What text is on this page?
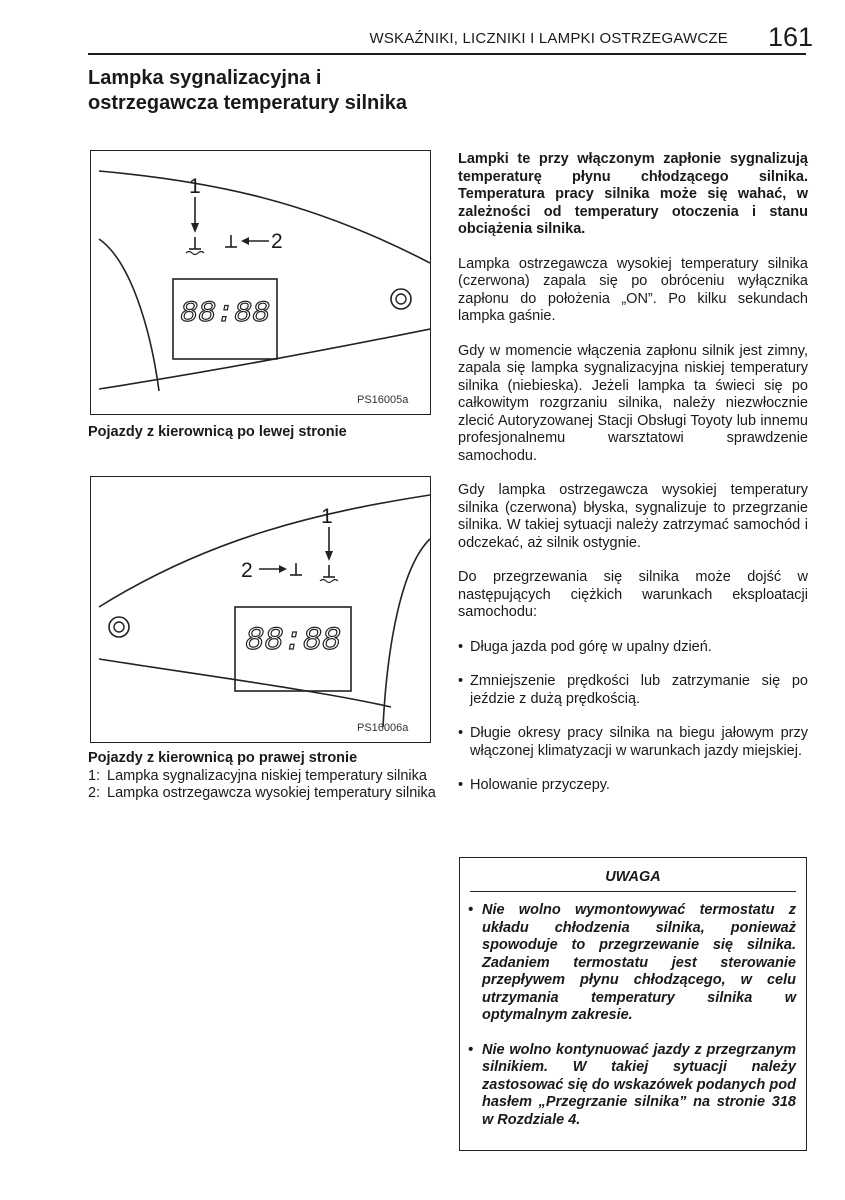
WSKAŹNIKI, LICZNIKI I LAMPKI OSTRZEGAWCZE 161
Lampka sygnalizacyjna i ostrzegawcza temperatury silnika
88:88
1
2
PS16005a
Pojazdy z kierownicą po lewej stronie
88:88
1
2
PS16006a
Pojazdy z kierownicą po prawej stronie
1: Lampka sygnalizacyjna niskiej temperatury silnika
2: Lampka ostrzegawcza wysokiej temperatury silnika

Lampki te przy włączonym zapłonie sygnalizują temperaturę płynu chłodzącego silnika. Temperatura pracy silnika może się wahać, w zależności od temperatury otoczenia i stanu obciążenia silnika.

Lampka ostrzegawcza wysokiej temperatury silnika (czerwona) zapala się po obróceniu wyłącznika zapłonu do położenia „ON”. Po kilku sekundach lampka gaśnie.

Gdy w momencie włączenia zapłonu silnik jest zimny, zapala się lampka sygnalizacyjna niskiej temperatury silnika (niebieska). Jeżeli lampka ta świeci się po całkowitym rozgrzaniu silnika, należy niezwłocznie zlecić Autoryzowanej Stacji Obsługi Toyoty lub innemu profesjonalnemu warsztatowi sprawdzenie samochodu.

Gdy lampka ostrzegawcza wysokiej temperatury silnika (czerwona) błyska, sygnalizuje to przegrzanie silnika. W takiej sytuacji należy zatrzymać samochód i odczekać, aż silnik ostygnie.

Do przegrzewania się silnika może dojść w następujących ciężkich warunkach eksploatacji samochodu:

• Długa jazda pod górę w upalny dzień.
• Zmniejszenie prędkości lub zatrzymanie się po jeździe z dużą prędkością.
• Długie okresy pracy silnika na biegu jałowym przy włączonej klimatyzacji w warunkach jazdy miejskiej.
• Holowanie przyczepy.
UWAGA
• Nie wolno wymontowywać termostatu z układu chłodzenia silnika, ponieważ spowoduje to przegrzewanie się silnika. Zadaniem termostatu jest sterowanie przepływem płynu chłodzącego, w celu utrzymania temperatury silnika w optymalnym zakresie.
• Nie wolno kontynuować jazdy z przegrzanym silnikiem. W takiej sytuacji należy zastosować się do wskazówek podanych pod hasłem „Przegrzanie silnika” na stronie 318 w Rozdziale 4.
